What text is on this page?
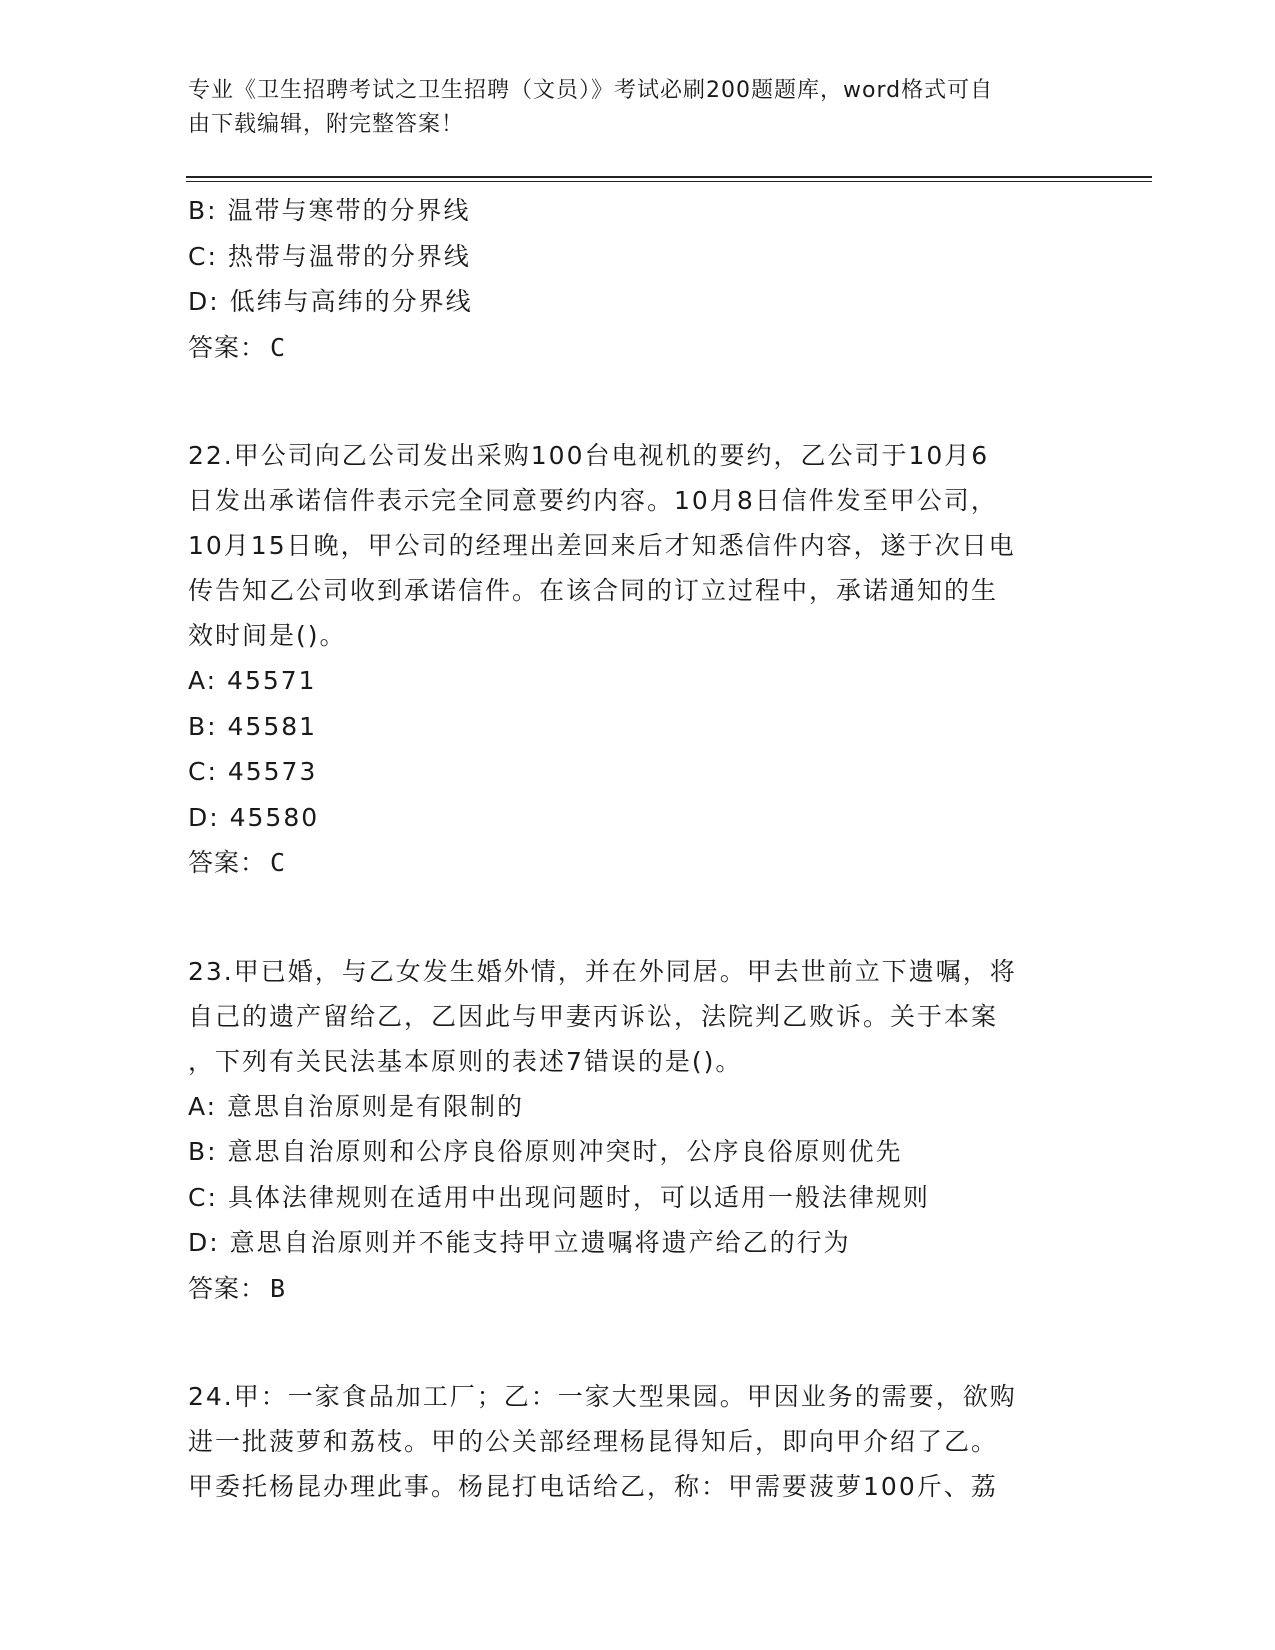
专业《卫生招聘考试之卫生招聘（文员）》考试必刷200题题库，word格式可自
由下载编辑，附完整答案！
B: 温带与寒带的分界线
C: 热带与温带的分界线
D: 低纬与高纬的分界线
答案： C
22.甲公司向乙公司发出采购100台电视机的要约，乙公司于10月6
日发出承诺信件表示完全同意要约内容。10月8日信件发至甲公司，
10月15日晚，甲公司的经理出差回来后才知悉信件内容，遂于次日电
传告知乙公司收到承诺信件。在该合同的订立过程中，承诺通知的生
效时间是()。
A: 45571
B: 45581
C: 45573
D: 45580
答案： C
23.甲已婚，与乙女发生婚外情，并在外同居。甲去世前立下遗嘱，将
自己的遗产留给乙，乙因此与甲妻丙诉讼，法院判乙败诉。关于本案
，下列有关民法基本原则的表述7错误的是()。
A: 意思自治原则是有限制的
B: 意思自治原则和公序良俗原则冲突时，公序良俗原则优先
C: 具体法律规则在适用中出现问题时，可以适用一般法律规则
D: 意思自治原则并不能支持甲立遗嘱将遗产给乙的行为
答案： B
24.甲：一家食品加工厂；乙：一家大型果园。甲因业务的需要，欲购
进一批菠萝和荔枝。甲的公关部经理杨昆得知后，即向甲介绍了乙。
甲委托杨昆办理此事。杨昆打电话给乙，称：甲需要菠萝100斤、荔
